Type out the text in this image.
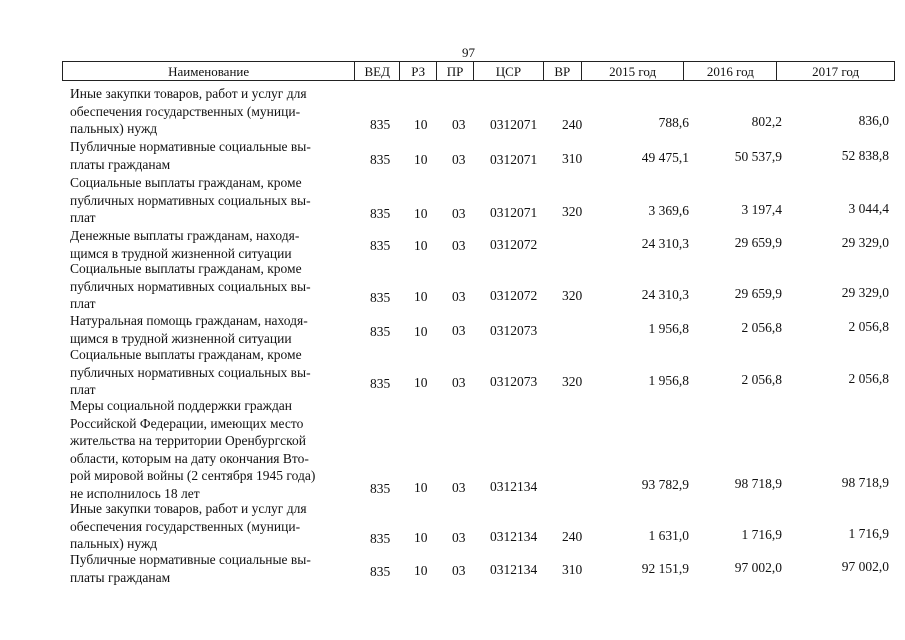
97
Наименование	ВЕД	РЗ	ПР	ЦСР	ВР	2015 год	2016 год	2017 год
Иные закупки товаров, работ и услуг для
обеспечения государственных (муници-
пальных) нужд	835 10 03 0312071 240	788,6	802,2	836,0
Публичные нормативные социальные вы-
платы гражданам	835 10 03 0312071 310	49 475,1	50 537,9	52 838,8
Социальные выплаты гражданам, кроме
публичных нормативных социальных вы-
плат	835 10 03 0312071 320	3 369,6	3 197,4	3 044,4
Денежные выплаты гражданам, находя-
щимся в трудной жизненной ситуации
835 10 03 0312072	24 310,3	29 659,9	29 329,0
Социальные выплаты гражданам, кроме
публичных нормативных социальных вы-
плат	835 10 03 0312072 320	24 310,3	29 659,9	29 329,0
Натуральная помощь гражданам, находя-
щимся в трудной жизненной ситуации	835 10 03 0312073	1 956,8	2 056,8	2 056,8
Социальные выплаты гражданам, кроме
публичных нормативных социальных вы-
плат	835 10 03 0312073 320	1 956,8	2 056,8	2 056,8
Меры социальной поддержки граждан
Российской Федерации, имеющих место
жительства на территории Оренбургской
области, которым на дату окончания Вто-
рой мировой войны (2 сентября 1945 года)
не исполнилось 18 лет	835 10 03 0312134	93 782,9	98 718,9	98 718,9
Иные закупки товаров, работ и услуг для
обеспечения государственных (муници-
пальных) нужд	835 10 03 0312134 240	1 631,0	1 716,9	1 716,9
Публичные нормативные социальные вы-
платы гражданам	835 10 03 0312134 310	92 151,9	97 002,0	97 002,0
